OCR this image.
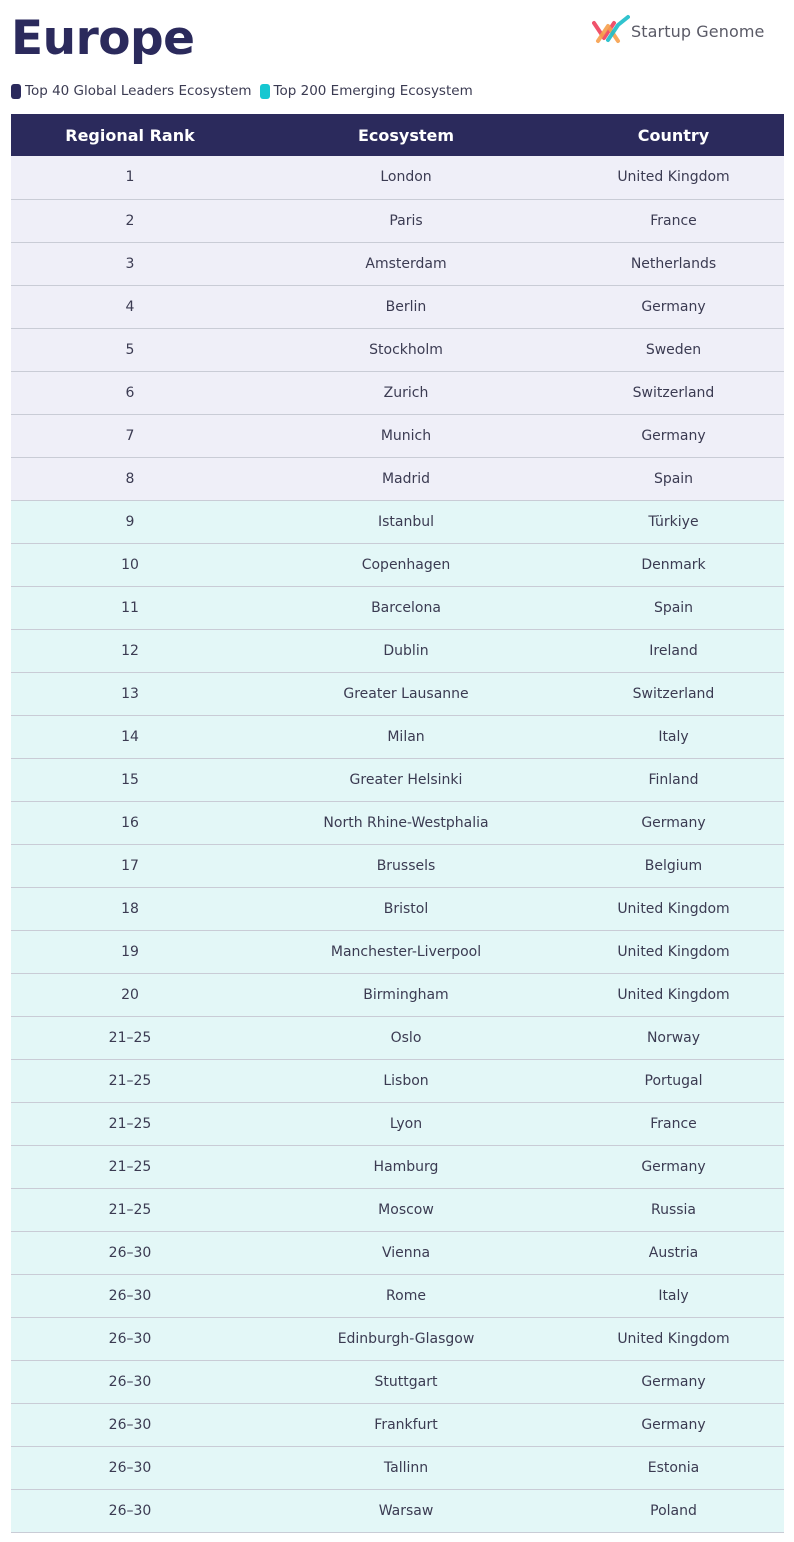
Europe	Startup Genome
Top 40 Global Leaders Ecosystem Top 200 Emerging Ecosystem
Regional Rank	Ecosystem	Country
1	London	United Kingdom
2	Paris	France
3	Amsterdam	Netherlands
4	Berlin	Germany
5	Stockholm	Sweden
6	Zurich	Switzerland
7	Munich	Germany
8	Madrid	Spain
9	Istanbul	Türkiye
10	Copenhagen	Denmark
11	Barcelona	Spain
12	Dublin	Ireland
13	Greater Lausanne	Switzerland
14	Milan	Italy
15	Greater Helsinki	Finland
16	North Rhine-Westphalia	Germany
17	Brussels	Belgium
18	Bristol	United Kingdom
19	Manchester-Liverpool	United Kingdom
20	Birmingham	United Kingdom
21–25	Oslo	Norway
21–25	Lisbon	Portugal
21–25	Lyon	France
21–25	Hamburg	Germany
21–25	Moscow	Russia
26–30	Vienna	Austria
26–30	Rome	Italy
26–30	Edinburgh-Glasgow	United Kingdom
26–30	Stuttgart	Germany
26–30	Frankfurt	Germany
26–30	Tallinn	Estonia
26–30	Warsaw	Poland
